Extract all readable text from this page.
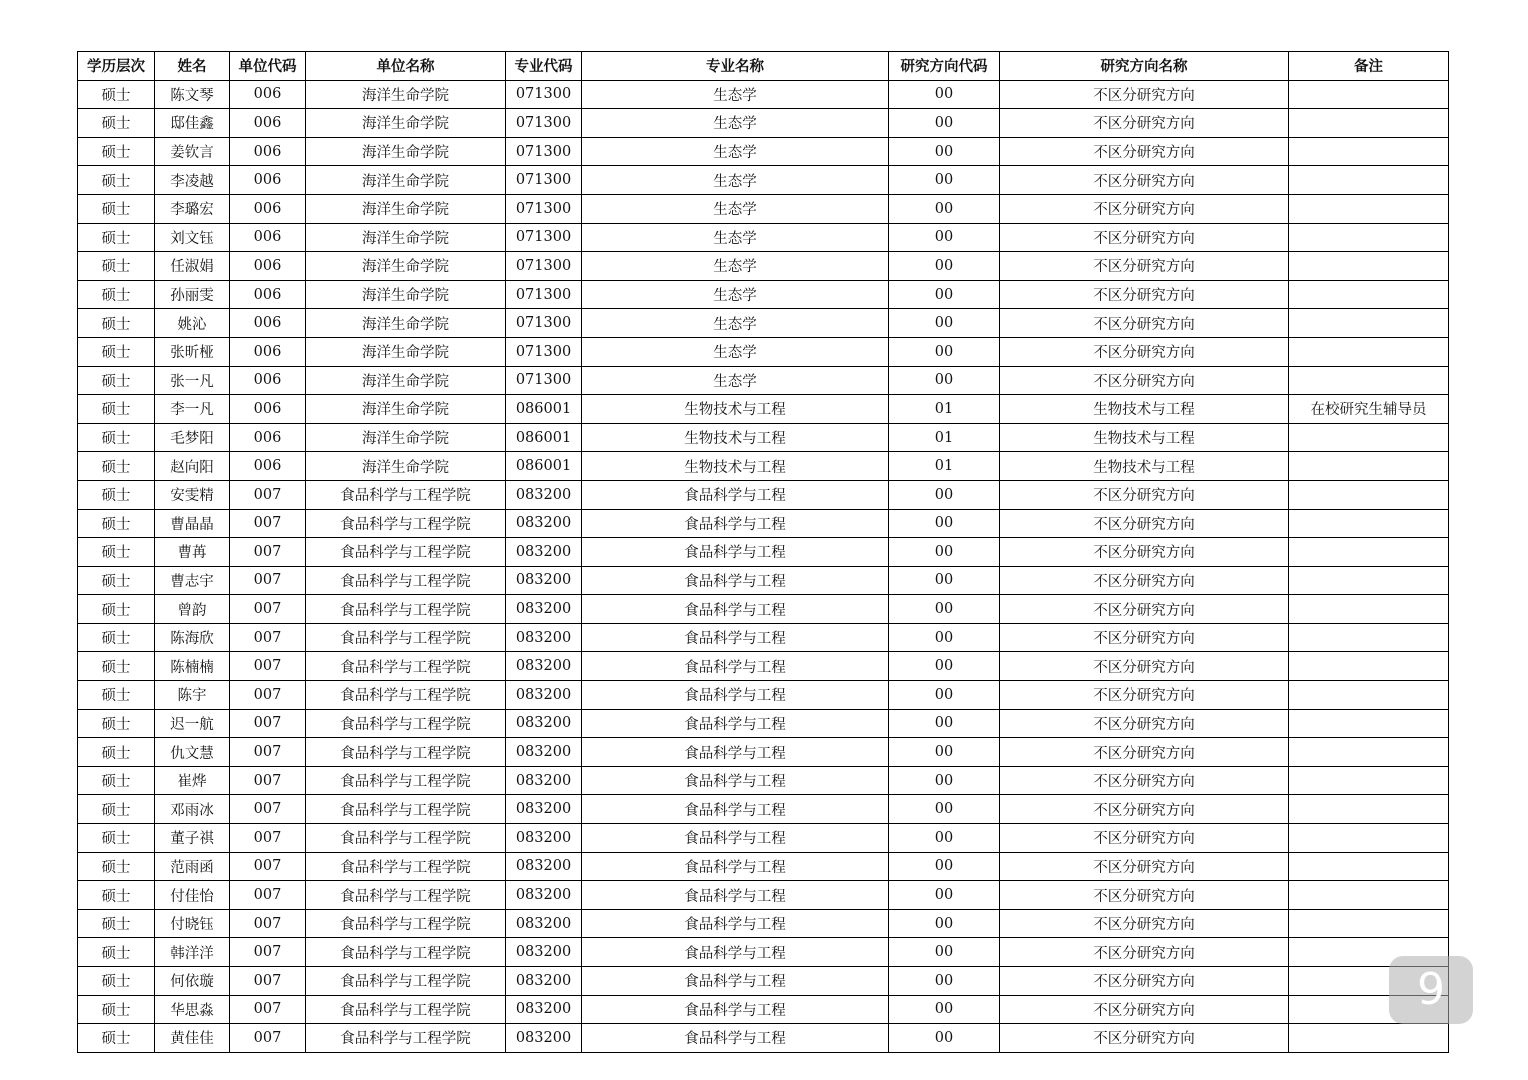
学历层次	姓名	单位代码	单位名称	专业代码	专业名称	研究方向代码	研究方向名称	备注
硕士	陈文琴	006	海洋生命学院	071300	生态学	00	不区分研究方向	
硕士	邸佳鑫	006	海洋生命学院	071300	生态学	00	不区分研究方向	
硕士	姜钦言	006	海洋生命学院	071300	生态学	00	不区分研究方向	
硕士	李凌越	006	海洋生命学院	071300	生态学	00	不区分研究方向	
硕士	李璐宏	006	海洋生命学院	071300	生态学	00	不区分研究方向	
硕士	刘文钰	006	海洋生命学院	071300	生态学	00	不区分研究方向	
硕士	任淑娟	006	海洋生命学院	071300	生态学	00	不区分研究方向	
硕士	孙丽雯	006	海洋生命学院	071300	生态学	00	不区分研究方向	
硕士	姚沁	006	海洋生命学院	071300	生态学	00	不区分研究方向	
硕士	张昕桠	006	海洋生命学院	071300	生态学	00	不区分研究方向	
硕士	张一凡	006	海洋生命学院	071300	生态学	00	不区分研究方向	
硕士	李一凡	006	海洋生命学院	086001	生物技术与工程	01	生物技术与工程	在校研究生辅导员
硕士	毛梦阳	006	海洋生命学院	086001	生物技术与工程	01	生物技术与工程	
硕士	赵向阳	006	海洋生命学院	086001	生物技术与工程	01	生物技术与工程	
硕士	安雯精	007	食品科学与工程学院	083200	食品科学与工程	00	不区分研究方向	
硕士	曹晶晶	007	食品科学与工程学院	083200	食品科学与工程	00	不区分研究方向	
硕士	曹苒	007	食品科学与工程学院	083200	食品科学与工程	00	不区分研究方向	
硕士	曹志宇	007	食品科学与工程学院	083200	食品科学与工程	00	不区分研究方向	
硕士	曾韵	007	食品科学与工程学院	083200	食品科学与工程	00	不区分研究方向	
硕士	陈海欣	007	食品科学与工程学院	083200	食品科学与工程	00	不区分研究方向	
硕士	陈楠楠	007	食品科学与工程学院	083200	食品科学与工程	00	不区分研究方向	
硕士	陈宇	007	食品科学与工程学院	083200	食品科学与工程	00	不区分研究方向	
硕士	迟一航	007	食品科学与工程学院	083200	食品科学与工程	00	不区分研究方向	
硕士	仇文慧	007	食品科学与工程学院	083200	食品科学与工程	00	不区分研究方向	
硕士	崔烨	007	食品科学与工程学院	083200	食品科学与工程	00	不区分研究方向	
硕士	邓雨冰	007	食品科学与工程学院	083200	食品科学与工程	00	不区分研究方向	
硕士	董子祺	007	食品科学与工程学院	083200	食品科学与工程	00	不区分研究方向	
硕士	范雨函	007	食品科学与工程学院	083200	食品科学与工程	00	不区分研究方向	
硕士	付佳怡	007	食品科学与工程学院	083200	食品科学与工程	00	不区分研究方向	
硕士	付晓钰	007	食品科学与工程学院	083200	食品科学与工程	00	不区分研究方向	
硕士	韩洋洋	007	食品科学与工程学院	083200	食品科学与工程	00	不区分研究方向	
硕士	何依璇	007	食品科学与工程学院	083200	食品科学与工程	00	不区分研究方向	
硕士	华思淼	007	食品科学与工程学院	083200	食品科学与工程	00	不区分研究方向	
硕士	黄佳佳	007	食品科学与工程学院	083200	食品科学与工程	00	不区分研究方向	
9
